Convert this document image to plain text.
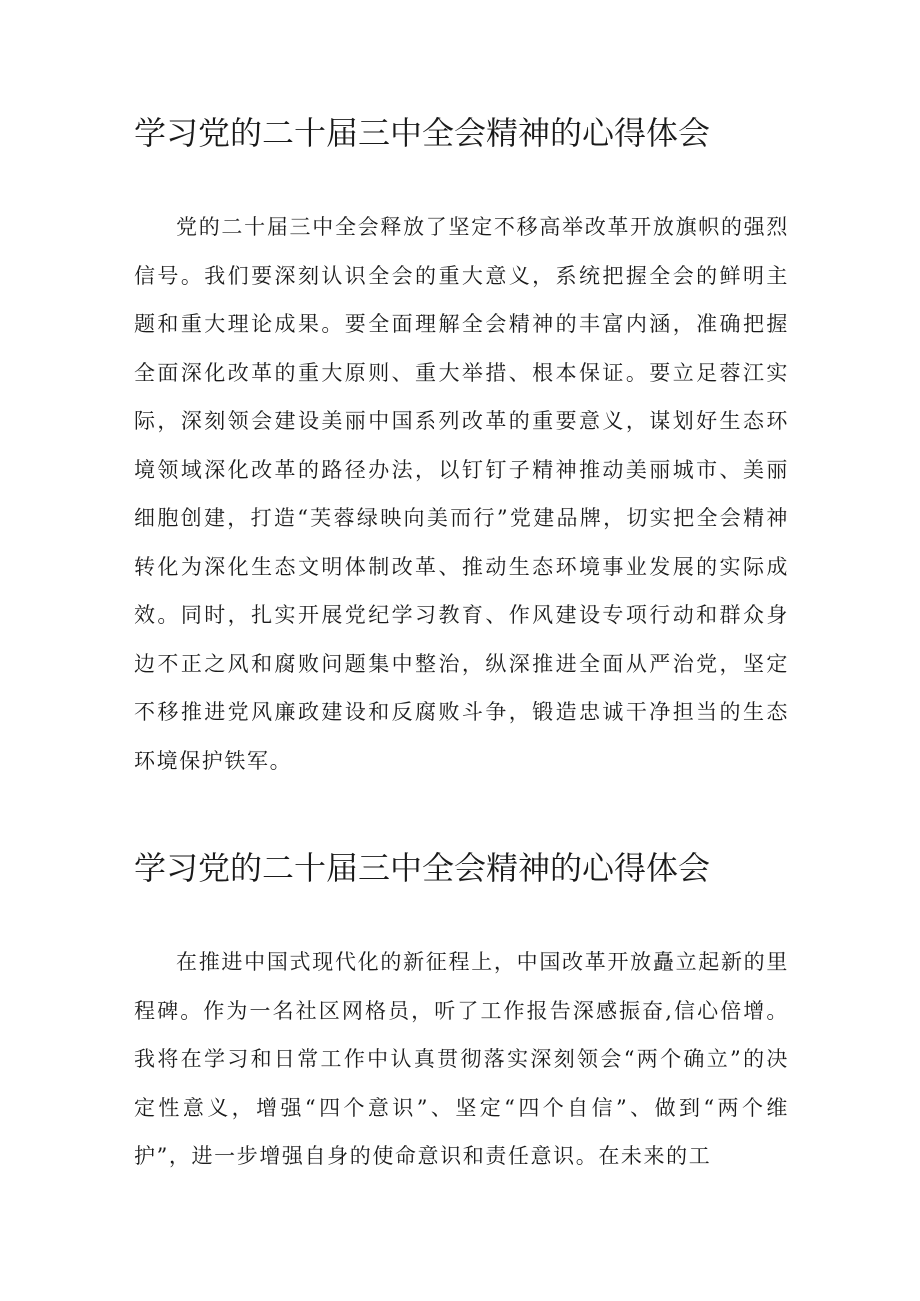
学习党的二十届三中全会精神的心得体会

党的二十届三中全会释放了坚定不移高举改革开放旗帜的强烈信号。我们要深刻认识全会的重大意义，系统把握全会的鲜明主题和重大理论成果。要全面理解全会精神的丰富内涵，准确把握全面深化改革的重大原则、重大举措、根本保证。要立足蓉江实际，深刻领会建设美丽中国系列改革的重要意义，谋划好生态环境领域深化改革的路径办法，以钉钉子精神推动美丽城市、美丽细胞创建，打造“芙蓉绿映向美而行”党建品牌，切实把全会精神转化为深化生态文明体制改革、推动生态环境事业发展的实际成效。同时，扎实开展党纪学习教育、作风建设专项行动和群众身边不正之风和腐败问题集中整治，纵深推进全面从严治党，坚定不移推进党风廉政建设和反腐败斗争，锻造忠诚干净担当的生态环境保护铁军。

学习党的二十届三中全会精神的心得体会

在推进中国式现代化的新征程上，中国改革开放矗立起新的里程碑。作为一名社区网格员，听了工作报告深感振奋,信心倍增。我将在学习和日常工作中认真贯彻落实深刻领会“两个确立”的决定性意义，增强“四个意识”、坚定“四个自信”、做到“两个维护”，进一步增强自身的使命意识和责任意识。在未来的工
